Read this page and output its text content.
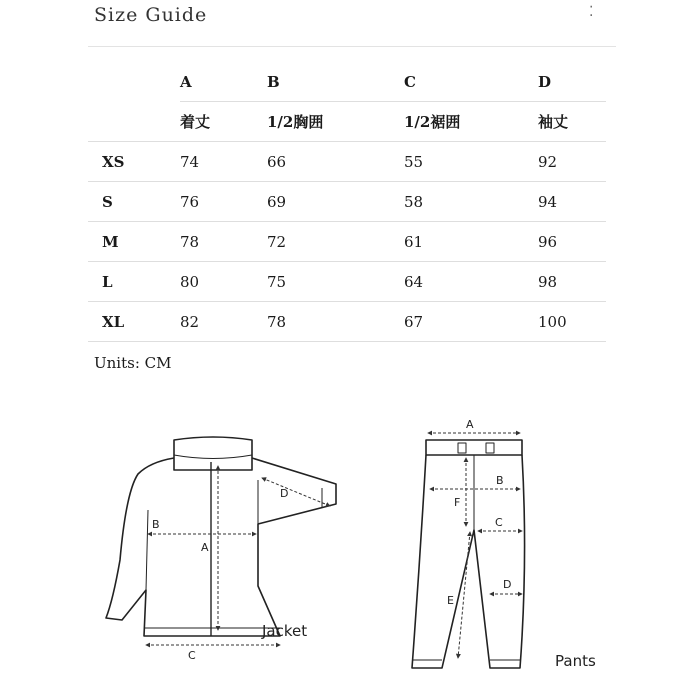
Size Guide	⁚
	A	B	C	D
	着丈	1/2胸囲	1/2裾囲	袖丈
XS	74	66	55	92
S	76	69	58	94
M	78	72	61	96
L	80	75	64	98
XL	82	78	67	100
Units: CM
A
B
C
D
Jacket
A
B
C
D
E
F
Pants
